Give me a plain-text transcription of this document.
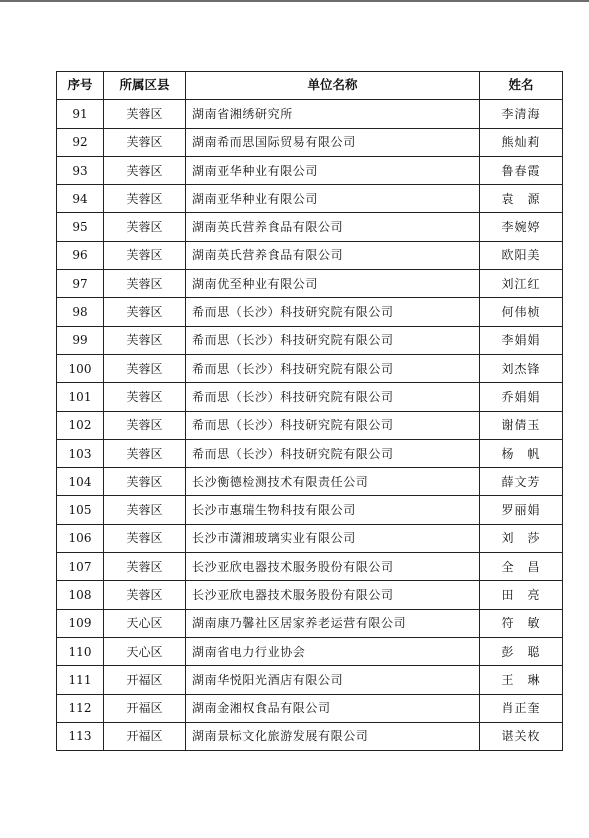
序号	所属区县	单位名称	姓名
91	芙蓉区	湖南省湘绣研究所	李清海
92	芙蓉区	湖南希而思国际贸易有限公司	熊灿莉
93	芙蓉区	湖南亚华种业有限公司	鲁春霞
94	芙蓉区	湖南亚华种业有限公司	袁　源
95	芙蓉区	湖南英氏营养食品有限公司	李婉婷
96	芙蓉区	湖南英氏营养食品有限公司	欧阳美
97	芙蓉区	湖南优至种业有限公司	刘江红
98	芙蓉区	希而思（长沙）科技研究院有限公司	何伟桢
99	芙蓉区	希而思（长沙）科技研究院有限公司	李娟娟
100	芙蓉区	希而思（长沙）科技研究院有限公司	刘杰锋
101	芙蓉区	希而思（长沙）科技研究院有限公司	乔娟娟
102	芙蓉区	希而思（长沙）科技研究院有限公司	谢倩玉
103	芙蓉区	希而思（长沙）科技研究院有限公司	杨　帆
104	芙蓉区	长沙衡德检测技术有限责任公司	薛文芳
105	芙蓉区	长沙市惠瑞生物科技有限公司	罗丽娟
106	芙蓉区	长沙市潇湘玻璃实业有限公司	刘　莎
107	芙蓉区	长沙亚欣电器技术服务股份有限公司	全　昌
108	芙蓉区	长沙亚欣电器技术服务股份有限公司	田　亮
109	天心区	湖南康乃馨社区居家养老运营有限公司	符　敏
110	天心区	湖南省电力行业协会	彭　聪
111	开福区	湖南华悦阳光酒店有限公司	王　琳
112	开福区	湖南金湘权食品有限公司	肖正奎
113	开福区	湖南景标文化旅游发展有限公司	谌关枚
